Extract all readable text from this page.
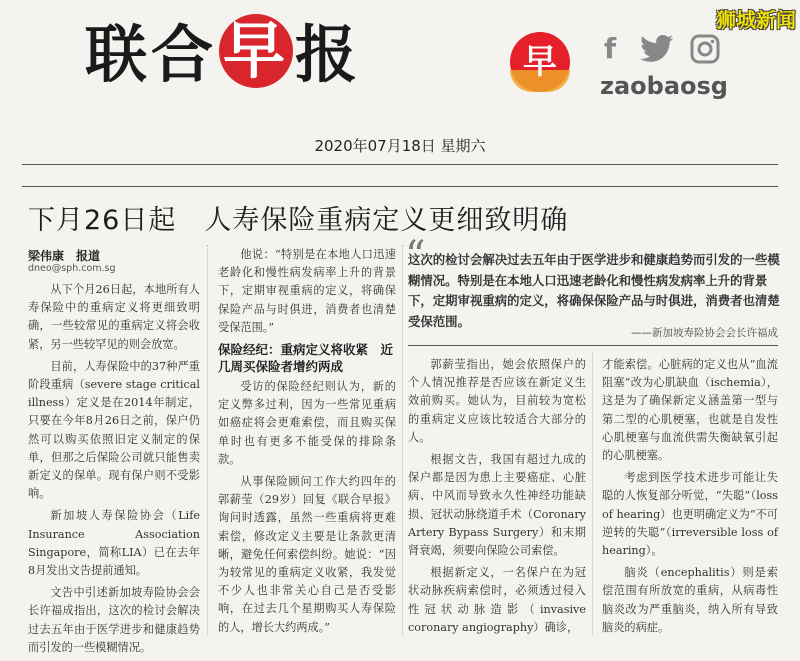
联合早报	早	f
zaobaosg
狮城新闻
2020年07月18日 星期六
下月26日起　人寿保险重病定义更细致明确
梁伟康　报道
dneo@sph.com.sg

从下个月26日起，本地所有人寿保险中的重病定义将更细致明确，一些较常见的重病定义将会收紧，另一些较罕见的则会放宽。

目前，人寿保险中的37种严重阶段重病（severe stage critical illness）定义是在2014年制定，只要在今年8月26日之前，保户仍然可以购买依照旧定义制定的保单，但那之后保险公司就只能售卖新定义的保单。现有保户则不受影响。

新加坡人寿保险协会（Life Insurance Association Singapore，简称LIA）已在去年8月发出文告提前通知。

文告中引述新加坡寿险协会会长许福成指出，这次的检讨会解决过去五年由于医学进步和健康趋势而引发的一些模糊情况。

他说：“特别是在本地人口迅速老龄化和慢性病发病率上升的背景下，定期审视重病的定义，将确保保险产品与时俱进，消费者也清楚受保范围。”

保险经纪：重病定义将收紧　近几周买保险者增约两成

受访的保险经纪则认为，新的定义弊多过利，因为一些常见重病如癌症将会更难索偿，而且购买保单时也有更多不能受保的排除条款。

从事保险顾问工作大约四年的郭薪莹（29岁）回复《联合早报》询问时透露，虽然一些重病将更难索偿，修改定义主要是让条款更清晰，避免任何索偿纠纷。她说：“因为较常见的重病定义收紧，我发觉不少人也非常关心自己是否受影响，在过去几个星期购买人寿保险的人，增长大约两成。”

“
这次的检讨会解决过去五年由于医学进步和健康趋势而引发的一些模糊情况。特别是在本地人口迅速老龄化和慢性病发病率上升的背景下，定期审视重病的定义，将确保保险产品与时俱进，消费者也清楚受保范围。
——新加坡寿险协会会长许福成

郭薪莹指出，她会依照保户的个人情况推荐是否应该在新定义生效前购买。她认为，目前较为宽松的重病定义应该比较适合大部分的人。

根据文告，我国有超过九成的保户都是因为患上主要癌症、心脏病、中风而导致永久性神经功能缺损、冠状动脉绕道手术（Coronary Artery Bypass Surgery）和末期肾衰竭，须要向保险公司索偿。

根据新定义，一名保户在为冠状动脉疾病索偿时，必须透过侵入性冠状动脉造影（invasive coronary angiography）确诊，

才能索偿。心脏病的定义也从“血流阻塞”改为心肌缺血（ischemia），这是为了确保新定义涵盖第一型与第二型的心肌梗塞，也就是自发性心肌梗塞与血流供需失衡缺氧引起的心肌梗塞。

考虑到医学技术进步可能让失聪的人恢复部分听觉，“失聪”（loss of hearing）也更明确定义为“不可逆转的失聪”（irreversible loss of hearing）。

脑炎（encephalitis）则是索偿范围有所放宽的重病，从病毒性脑炎改为严重脑炎，纳入所有导致脑炎的病症。
